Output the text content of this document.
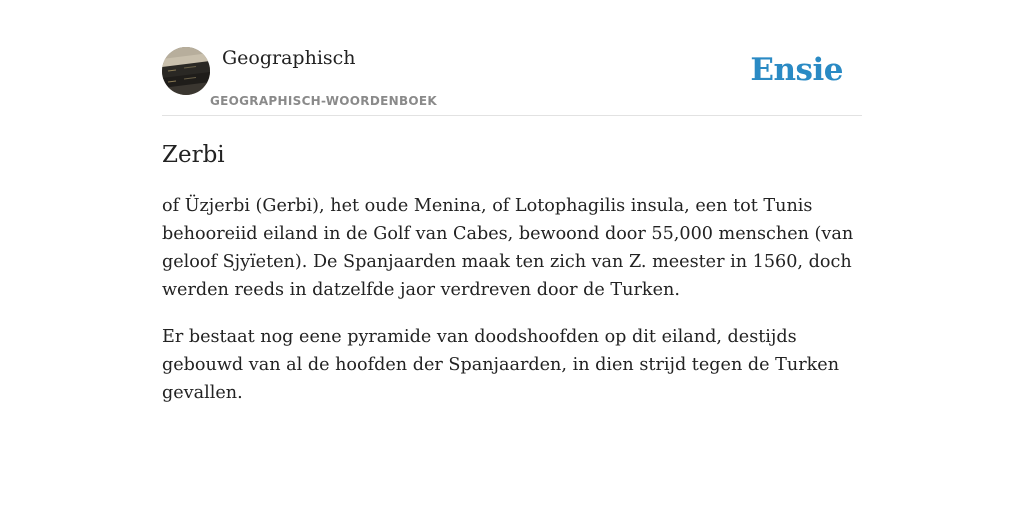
Geographisch
GEOGRAPHISCH-WOORDENBOEK
Ensie
Zerbi

of Üzjerbi (Gerbi), het oude Menina, of Lotophagilis insula, een tot Tunis behooreiid eiland in de Golf van Cabes, bewoond door 55,000 menschen (van geloof Sjyïeten). De Spanjaarden maak ten zich van Z. meester in 1560, doch werden reeds in datzelfde jaor verdreven door de Turken.

Er bestaat nog eene pyramide van doodshoofden op dit eiland, destijds gebouwd van al de hoofden der Spanjaarden, in dien strijd tegen de Turken gevallen.
